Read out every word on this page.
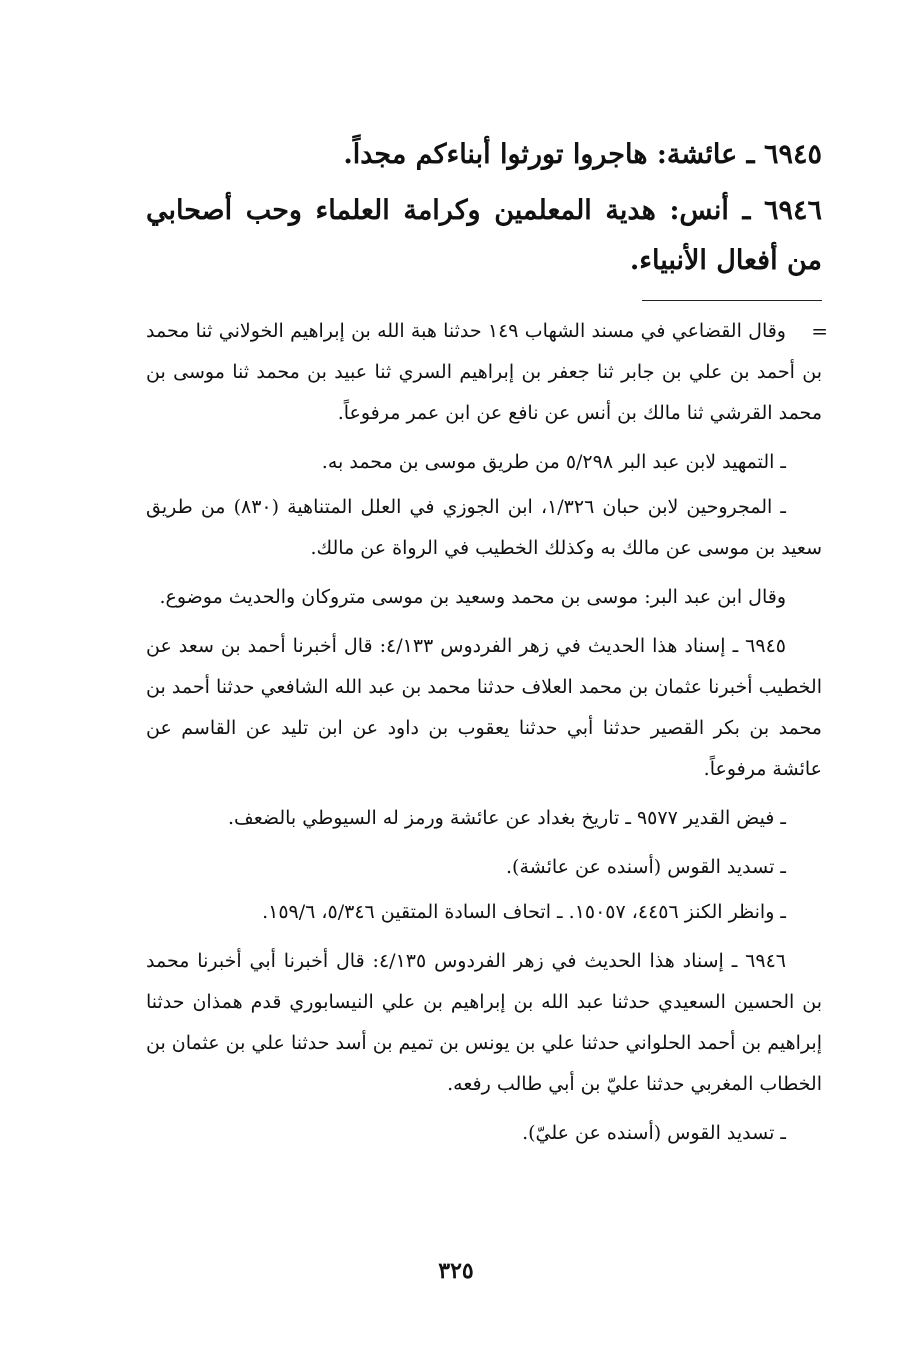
٦٩٤٥ ـ عائشة: هاجروا تورثوا أبناءكم مجداً.

٦٩٤٦ ـ أنس: هدية المعلمين وكرامة العلماء وحب أصحابي من أفعال الأنبياء.

=
وقال القضاعي في مسند الشهاب ١٤٩ حدثنا هبة الله بن إبراهيم الخولاني ثنا محمد بن أحمد بن علي بن جابر ثنا جعفر بن إبراهيم السري ثنا عبيد بن محمد ثنا موسى بن محمد القرشي ثنا مالك بن أنس عن نافع عن ابن عمر مرفوعاً.

ـ التمهيد لابن عبد البر ٥/٢٩٨ من طريق موسى بن محمد به.

ـ المجروحين لابن حبان ١/٣٢٦، ابن الجوزي في العلل المتناهية (٨٣٠) من طريق سعيد بن موسى عن مالك به وكذلك الخطيب في الرواة عن مالك.

وقال ابن عبد البر: موسى بن محمد وسعيد بن موسى متروكان والحديث موضوع.

٦٩٤٥ ـ إسناد هذا الحديث في زهر الفردوس ٤/١٣٣: قال أخبرنا أحمد بن سعد عن الخطيب أخبرنا عثمان بن محمد العلاف حدثنا محمد بن عبد الله الشافعي حدثنا أحمد بن محمد بن بكر القصير حدثنا أبي حدثنا يعقوب بن داود عن ابن تليد عن القاسم عن عائشة مرفوعاً.

ـ فيض القدير ٩٥٧٧ ـ تاريخ بغداد عن عائشة ورمز له السيوطي بالضعف.

ـ تسديد القوس (أسنده عن عائشة).

ـ وانظر الكنز ٤٤٥٦، ١٥٠٥٧. ـ اتحاف السادة المتقين ٥/٣٤٦، ١٥٩/٦.

٦٩٤٦ ـ إسناد هذا الحديث في زهر الفردوس ٤/١٣٥: قال أخبرنا أبي أخبرنا محمد بن الحسين السعيدي حدثنا عبد الله بن إبراهيم بن علي النيسابوري قدم همذان حدثنا إبراهيم بن أحمد الحلواني حدثنا علي بن يونس بن تميم بن أسد حدثنا علي بن عثمان بن الخطاب المغربي حدثنا عليّ بن أبي طالب رفعه.

ـ تسديد القوس (أسنده عن عليّ).

٣٢٥
